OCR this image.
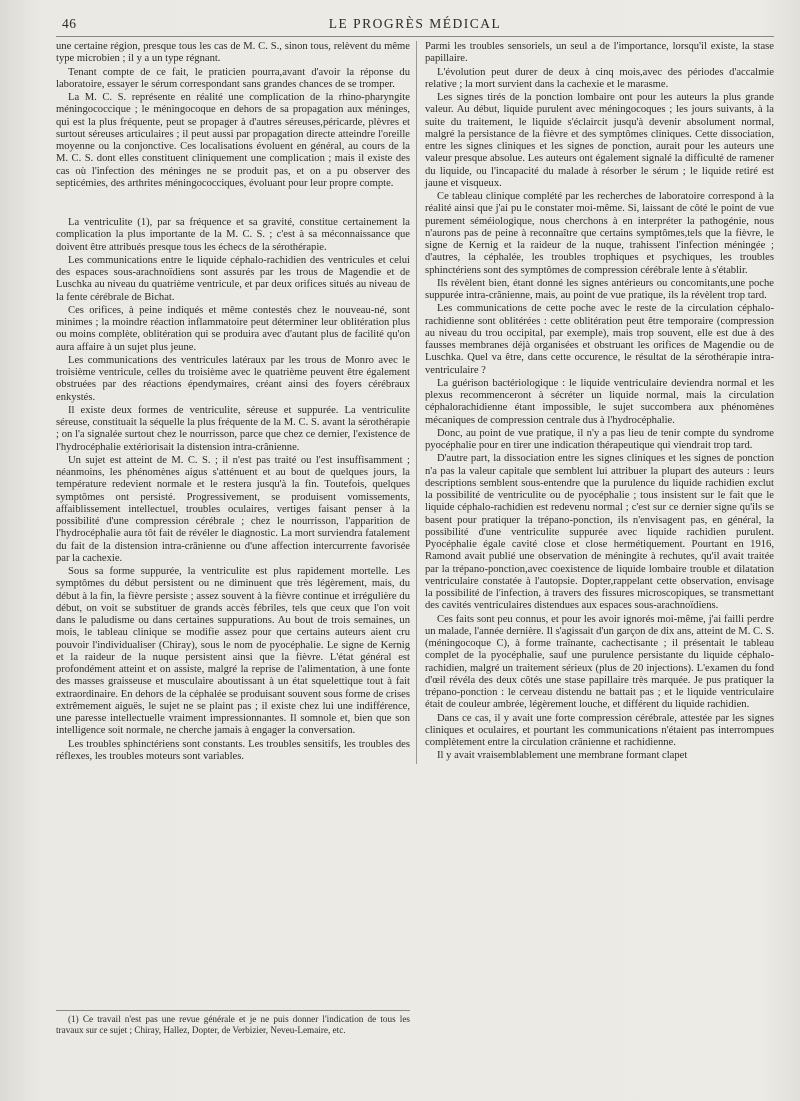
46	LE PROGRÈS MÉDICAL

une certaine région, presque tous les cas de M. C. S., sinon tous, relèvent du même type microbien ; il y a un type régnant.

Tenant compte de ce fait, le praticien pourra,avant d'avoir la réponse du laboratoire, essayer le sérum correspondant sans grandes chances de se tromper.

La M. C. S. représente en réalité une complication de la rhino-pharyngite méningococcique ; le méningocoque en dehors de sa propagation aux méninges, qui est la plus fréquente, peut se propager à d'autres séreuses,péricarde, plèvres et surtout séreuses articulaires ; il peut aussi par propagation directe atteindre l'oreille moyenne ou la conjonctive. Ces localisations évoluent en général, au cours de la M. C. S. dont elles constituent cliniquement une complication ; mais il existe des cas où l'infection des méninges ne se produit pas, et on a pu observer des septicémies, des arthrites méningococciques, évoluant pour leur propre compte.

La ventriculite (1), par sa fréquence et sa gravité, constitue certainement la complication la plus importante de la M. C. S. ; c'est à sa méconnaissance que doivent être attribués presque tous les échecs de la sérothérapie.

Les communications entre le liquide céphalo-rachidien des ventricules et celui des espaces sous-arachnoïdiens sont assurés par les trous de Magendie et de Luschka au niveau du quatrième ventricule, et par deux orifices situés au niveau de la fente cérébrale de Bichat.

Ces orifices, à peine indiqués et même contestés chez le nouveau-né, sont minimes ; la moindre réaction inflammatoire peut déterminer leur oblitération plus ou moins complète, oblitération qui se produira avec d'autant plus de facilité qu'on aura affaire à un sujet plus jeune.

Les communications des ventricules latéraux par les trous de Monro avec le troisième ventricule, celles du troisième avec le quatrième peuvent être également obstruées par des réactions épendymaires, créant ainsi des foyers cérébraux enkystés.

Il existe deux formes de ventriculite, séreuse et suppurée. La ventriculite séreuse, constituait la séquelle la plus fréquente de la M. C. S. avant la sérothérapie ; on l'a signalée surtout chez le nourrisson, parce que chez ce dernier, l'existence de l'hydrocéphalie extériorisait la distension intra-crânienne.

Un sujet est atteint de M. C. S. ; il n'est pas traité ou l'est insuffisamment ; néanmoins, les phénomènes aigus s'atténuent et au bout de quelques jours, la température redevient normale et le restera jusqu'à la fin. Toutefois, quelques symptômes ont persisté. Progressivement, se produisent vomissements, affaiblissement intellectuel, troubles oculaires, vertiges faisant penser à la possibilité d'une compression cérébrale ; chez le nourrisson, l'apparition de l'hydrocéphalie aura tôt fait de révéler le diagnostic. La mort surviendra fatalement du fait de la distension intra-crânienne ou d'une affection intercurrente favorisée par la cachexie.

Sous sa forme suppurée, la ventriculite est plus rapidement mortelle. Les symptômes du début persistent ou ne diminuent que très légèrement, mais, du début à la fin, la fièvre persiste ; assez souvent à la fièvre continue et irrégulière du début, on voit se substituer de grands accès fébriles, tels que ceux que l'on voit dans le paludisme ou dans certaines suppurations. Au bout de trois semaines, un mois, le tableau clinique se modifie assez pour que certains auteurs aient cru pouvoir l'individualiser (Chiray), sous le nom de pyocéphalie. Le signe de Kernig et la raideur de la nuque persistent ainsi que la fièvre. L'état général est profondément atteint et on assiste, malgré la reprise de l'alimentation, à une fonte des masses graisseuse et musculaire aboutissant à un état squelettique tout à fait extraordinaire. En dehors de la céphalée se produisant souvent sous forme de crises extrêmement aiguës, le sujet ne se plaint pas ; il existe chez lui une indifférence, une paresse intellectuelle vraiment impressionnantes. Il somnole et, bien que son intelligence soit normale, ne cherche jamais à engager la conversation.

Les troubles sphinctériens sont constants. Les troubles sensitifs, les troubles des réflexes, les troubles moteurs sont variables.

Parmi les troubles sensoriels, un seul a de l'importance, lorsqu'il existe, la stase papillaire.

L'évolution peut durer de deux à cinq mois,avec des périodes d'accalmie relative ; la mort survient dans la cachexie et le marasme.

Les signes tirés de la ponction lombaire ont pour les auteurs la plus grande valeur. Au début, liquide purulent avec méningocoques ; les jours suivants, à la suite du traitement, le liquide s'éclaircit jusqu'à devenir absolument normal, malgré la persistance de la fièvre et des symptômes cliniques. Cette dissociation, entre les signes cliniques et les signes de ponction, aurait pour les auteurs une valeur presque absolue. Les auteurs ont également signalé la difficulté de ramener du liquide, ou l'incapacité du malade à résorber le sérum ; le liquide retiré est jaune et visqueux.

Ce tableau clinique complété par les recherches de laboratoire correspond à la réalité ainsi que j'ai pu le constater moi-même. Si, laissant de côté le point de vue purement séméiologique, nous cherchons à en interpréter la pathogénie, nous n'aurons pas de peine à reconnaître que certains symptômes,tels que la fièvre, le signe de Kernig et la raideur de la nuque, trahissent l'infection méningée ; d'autres, la céphalée, les troubles trophiques et psychiques, les troubles sphinctériens sont des symptômes de compression cérébrale lente à s'établir.

Ils révèlent bien, étant donné les signes antérieurs ou concomitants,une poche suppurée intra-crânienne, mais, au point de vue pratique, ils la révèlent trop tard.

Les communications de cette poche avec le reste de la circulation céphalo-rachidienne sont oblitérées : cette oblitération peut être temporaire (compression au niveau du trou occipital, par exemple), mais trop souvent, elle est due à des fausses membranes déjà organisées et obstruant les orifices de Magendie ou de Luschka. Quel va être, dans cette occurence, le résultat de la sérothérapie intra-ventriculaire ?

La guérison bactériologique : le liquide ventriculaire deviendra normal et les plexus recommenceront à sécréter un liquide normal, mais la circulation céphalorachidienne étant impossible, le sujet succombera aux phénomènes mécaniques de compression centrale dus à l'hydrocéphalie.

Donc, au point de vue pratique, il n'y a pas lieu de tenir compte du syndrome pyocéphalie pour en tirer une indication thérapeutique qui viendrait trop tard.

D'autre part, la dissociation entre les signes cliniques et les signes de ponction n'a pas la valeur capitale que semblent lui attribuer la plupart des auteurs : leurs descriptions semblent sous-entendre que la purulence du liquide rachidien exclut la possibilité de ventriculite ou de pyocéphalie ; tous insistent sur le fait que le liquide céphalo-rachidien est redevenu normal ; c'est sur ce dernier signe qu'ils se basent pour pratiquer la trépano-ponction, ils n'envisagent pas, en général, la possibilité d'une ventriculite suppurée avec liquide rachidien purulent. Pyocéphalie égale cavité close et close hermétiquement. Pourtant en 1916, Ramond avait publié une observation de méningite à rechutes, qu'il avait traitée par la trépano-ponction,avec coexistence de liquide lombaire trouble et dilatation ventriculaire constatée à l'autopsie. Dopter,rappelant cette observation, envisage la possibilité de l'infection, à travers des fissures microscopiques, se transmettant des cavités ventriculaires distendues aux espaces sous-arachnoïdiens.

Ces faits sont peu connus, et pour les avoir ignorés moi-même, j'ai failli perdre un malade, l'année dernière. Il s'agissait d'un garçon de dix ans, atteint de M. C. S. (méningocoque C), à forme traînante, cachectisante ; il présentait le tableau complet de la pyocéphalie, sauf une purulence persistante du liquide céphalo-rachidien, malgré un traitement sérieux (plus de 20 injections). L'examen du fond d'œil révéla des deux côtés une stase papillaire très marquée. Je pus pratiquer la trépano-ponction : le cerveau distendu ne battait pas ; et le liquide ventriculaire était de couleur ambrée, légèrement louche, et différent du liquide rachidien.

Dans ce cas, il y avait une forte compression cérébrale, attestée par les signes cliniques et oculaires, et pourtant les communications n'étaient pas interrompues complètement entre la circulation crânienne et rachidienne.

Il y avait vraisemblablement une membrane formant clapet

(1) Ce travail n'est pas une revue générale et je ne puis donner l'indication de tous les travaux sur ce sujet ; Chiray, Hallez, Dopter, de Verbizier, Neveu-Lemaire, etc.
